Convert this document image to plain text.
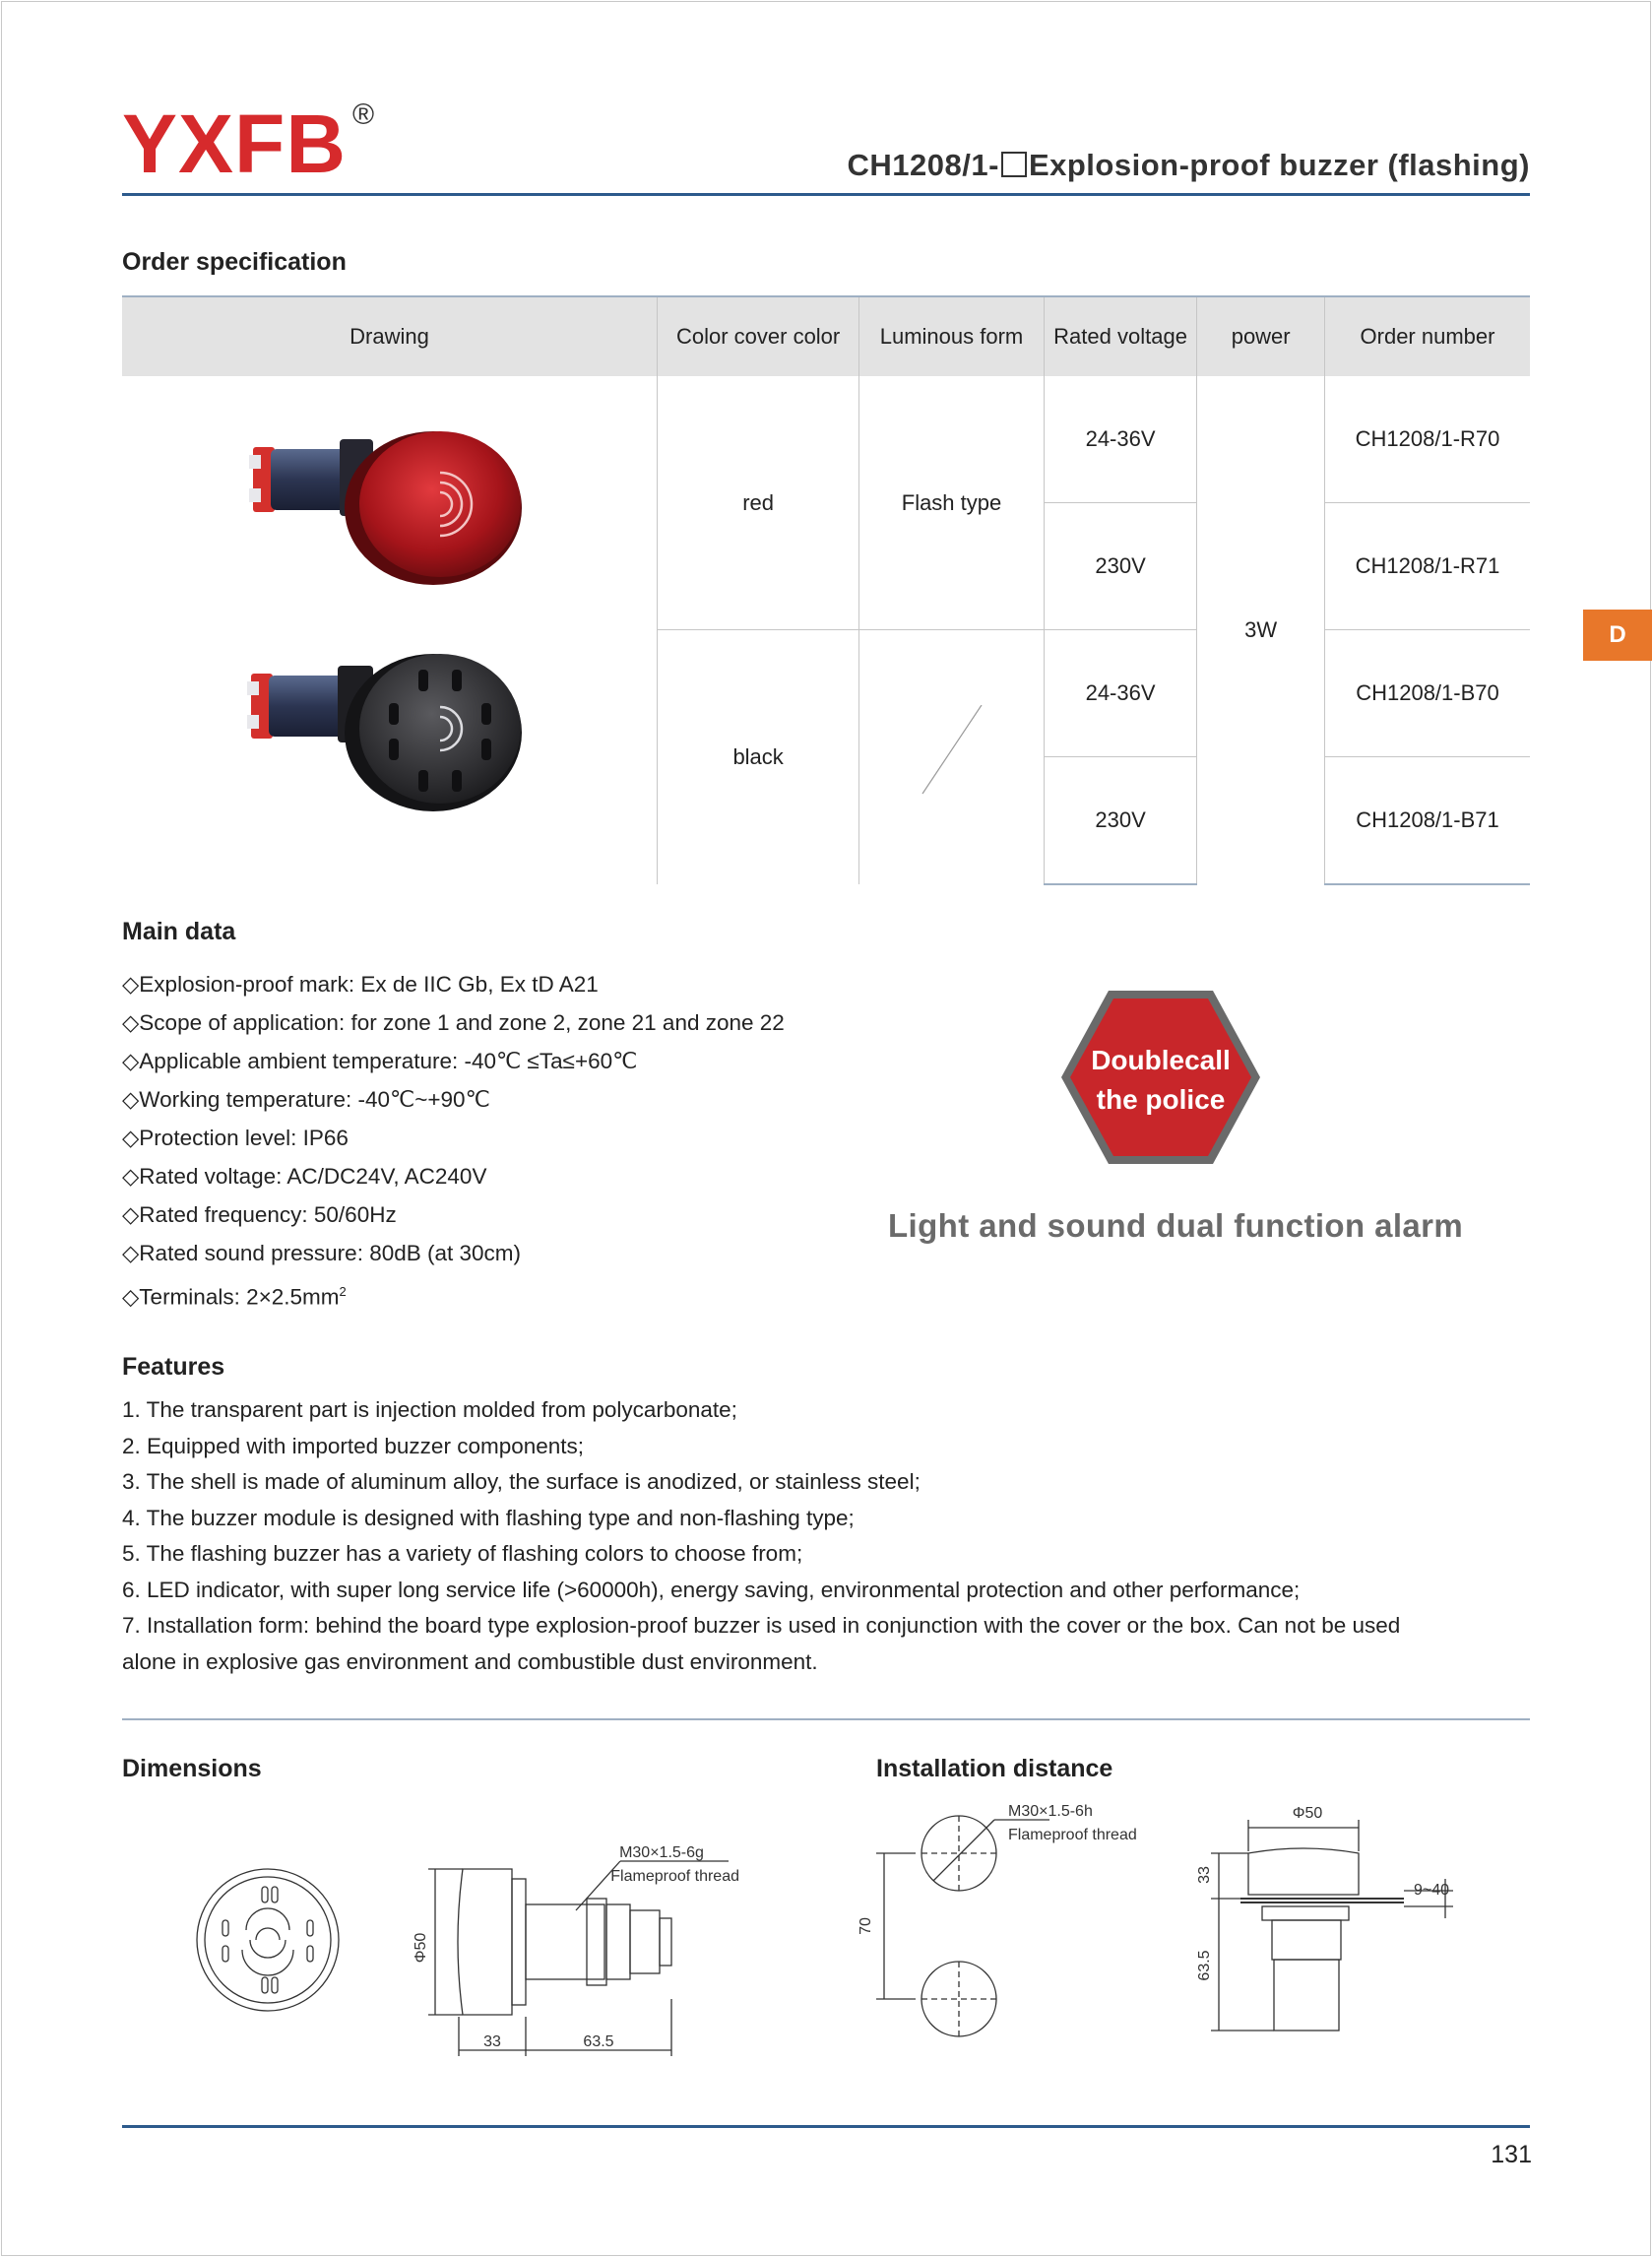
YXFB ®
CH1208/1- Explosion-proof buzzer (flashing)
Order specification
Drawing	Color cover color	Luminous form	Rated voltage	power	Order number
	red	Flash type	24-36V	3W	CH1208/1-R70
			230V		CH1208/1-R71
	black		24-36V		CH1208/1-B70
			230V		CH1208/1-B71
D
Main data
◇Explosion-proof mark: Ex de IIC Gb, Ex tD A21
◇Scope of application: for zone 1 and zone 2, zone 21 and zone 22
◇Applicable ambient temperature: -40℃ ≤Ta≤+60℃
◇Working temperature: -40℃~+90℃
◇Protection level: IP66
◇Rated voltage: AC/DC24V, AC240V
◇Rated frequency: 50/60Hz
◇Rated sound pressure: 80dB (at 30cm)
◇Terminals: $2\times 2.5mm^2$
Doublecall
the police
Light and sound dual function alarm
Features
1. The transparent part is injection molded from polycarbonate;
2. Equipped with imported buzzer components;
3. The shell is made of aluminum alloy, the surface is anodized, or stainless steel;
4. The buzzer module is designed with flashing type and non-flashing type;
5. The flashing buzzer has a variety of flashing colors to choose from;
6. LED indicator, with super long service life (>60000h), energy saving, environmental protection and other performance;
7. Installation form: behind the board type explosion-proof buzzer is used in conjunction with the cover or the box. Can not be used
alone in explosive gas environment and combustible dust environment.
Dimensions
Φ50
33	63.5
M30×1.5-6g
Flameproof thread
Installation distance
70
M30×1.5-6h
Flameproof thread
Φ50
33
63.5
9~40
131
